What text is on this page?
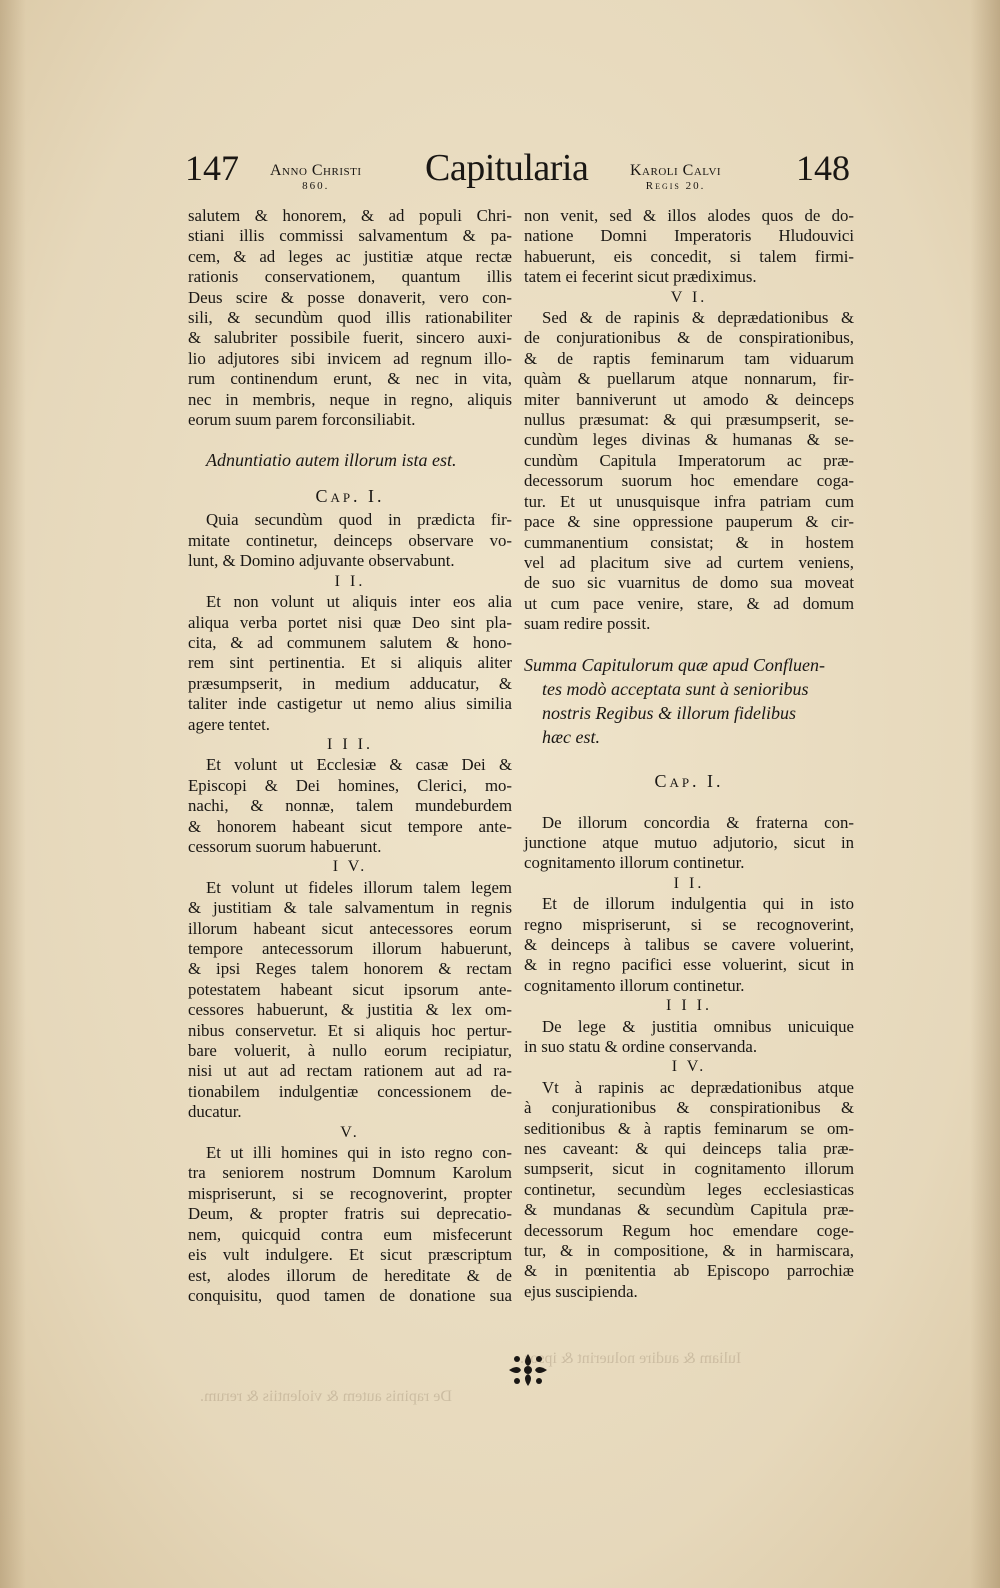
147 Anno Christi
860.	Capitularia	Karoli Calvi
Regis 20.	148
salutem & honorem, & ad populi Chri-
stiani illis commissi salvamentum & pa-
cem, & ad leges ac justitiæ atque rectæ
rationis conservationem, quantum illis
Deus scire & posse donaverit, vero con-
sili, & secundùm quod illis rationabiliter
& salubriter possibile fuerit, sincero auxi-
lio adjutores sibi invicem ad regnum illo-
rum continendum erunt, & nec in vita,
nec in membris, neque in regno, aliquis
eorum suum parem forconsiliabit.
Adnuntiatio autem illorum ista est.
Cap. I.
Quia secundùm quod in prædicta fir-
mitate continetur, deinceps observare vo-
lunt, & Domino adjuvante observabunt.
I I.
Et non volunt ut aliquis inter eos alia
aliqua verba portet nisi quæ Deo sint pla-
cita, & ad communem salutem & hono-
rem sint pertinentia. Et si aliquis aliter
præsumpserit, in medium adducatur, &
taliter inde castigetur ut nemo alius similia
agere tentet.
I I I.
Et volunt ut Ecclesiæ & casæ Dei &
Episcopi & Dei homines, Clerici, mo-
nachi, & nonnæ, talem mundeburdem
& honorem habeant sicut tempore ante-
cessorum suorum habuerunt.
I V.
Et volunt ut fideles illorum talem legem
& justitiam & tale salvamentum in regnis
illorum habeant sicut antecessores eorum
tempore antecessorum illorum habuerunt,
& ipsi Reges talem honorem & rectam
potestatem habeant sicut ipsorum ante-
cessores habuerunt, & justitia & lex om-
nibus conservetur. Et si aliquis hoc pertur-
bare voluerit, à nullo eorum recipiatur,
nisi ut aut ad rectam rationem aut ad ra-
tionabilem indulgentiæ concessionem de-
ducatur.
V.
Et ut illi homines qui in isto regno con-
tra seniorem nostrum Domnum Karolum
mispriserunt, si se recognoverint, propter
Deum, & propter fratris sui deprecatio-
nem, quicquid contra eum misfecerunt
eis vult indulgere. Et sicut præscriptum
est, alodes illorum de hereditate & de
conquisitu, quod tamen de donatione sua
non venit, sed & illos alodes quos de do-
natione Domni Imperatoris Hludouvici
habuerunt, eis concedit, si talem firmi-
tatem ei fecerint sicut prædiximus.
V I.
Sed & de rapinis & deprædationibus &
de conjurationibus & de conspirationibus,
& de raptis feminarum tam viduarum
quàm & puellarum atque nonnarum, fir-
miter banniverunt ut amodo & deinceps
nullus præsumat: & qui præsumpserit, se-
cundùm leges divinas & humanas & se-
cundùm Capitula Imperatorum ac præ-
decessorum suorum hoc emendare coga-
tur. Et ut unusquisque infra patriam cum
pace & sine oppressione pauperum & cir-
cummanentium consistat; & in hostem
vel ad placitum sive ad curtem veniens,
de suo sic vuarnitus de domo sua moveat
ut cum pace venire, stare, & ad domum
suam redire possit.
Summa Capitulorum quæ apud Confluen-
tes modò acceptata sunt à senioribus
nostris Regibus & illorum fidelibus
hæc est.
Cap. I.
De illorum concordia & fraterna con-
junctione atque mutuo adjutorio, sicut in
cognitamento illorum continetur.
I I.
Et de illorum indulgentia qui in isto
regno mispriserunt, si se recognoverint,
& deinceps à talibus se cavere voluerint,
& in regno pacifici esse voluerint, sicut in
cognitamento illorum continetur.
I I I.
De lege & justitia omnibus unicuique
in suo statu & ordine conservanda.
I V.
Vt à rapinis ac deprædationibus atque
à conjurationibus & conspirationibus &
seditionibus & à raptis feminarum se om-
nes caveant: & qui deinceps talia præ-
sumpserit, sicut in cognitamento illorum
continetur, secundùm leges ecclesiasticas
& mundanas & secundùm Capitula præ-
decessorum Regum hoc emendare coge-
tur, & in compositione, & in harmiscara,
& in pœnitentia ab Episcopo parrochiæ
ejus suscipienda.
Iuliam & audire noluerint & ipsos.
De rapinis autem & violentiis & rerum.
